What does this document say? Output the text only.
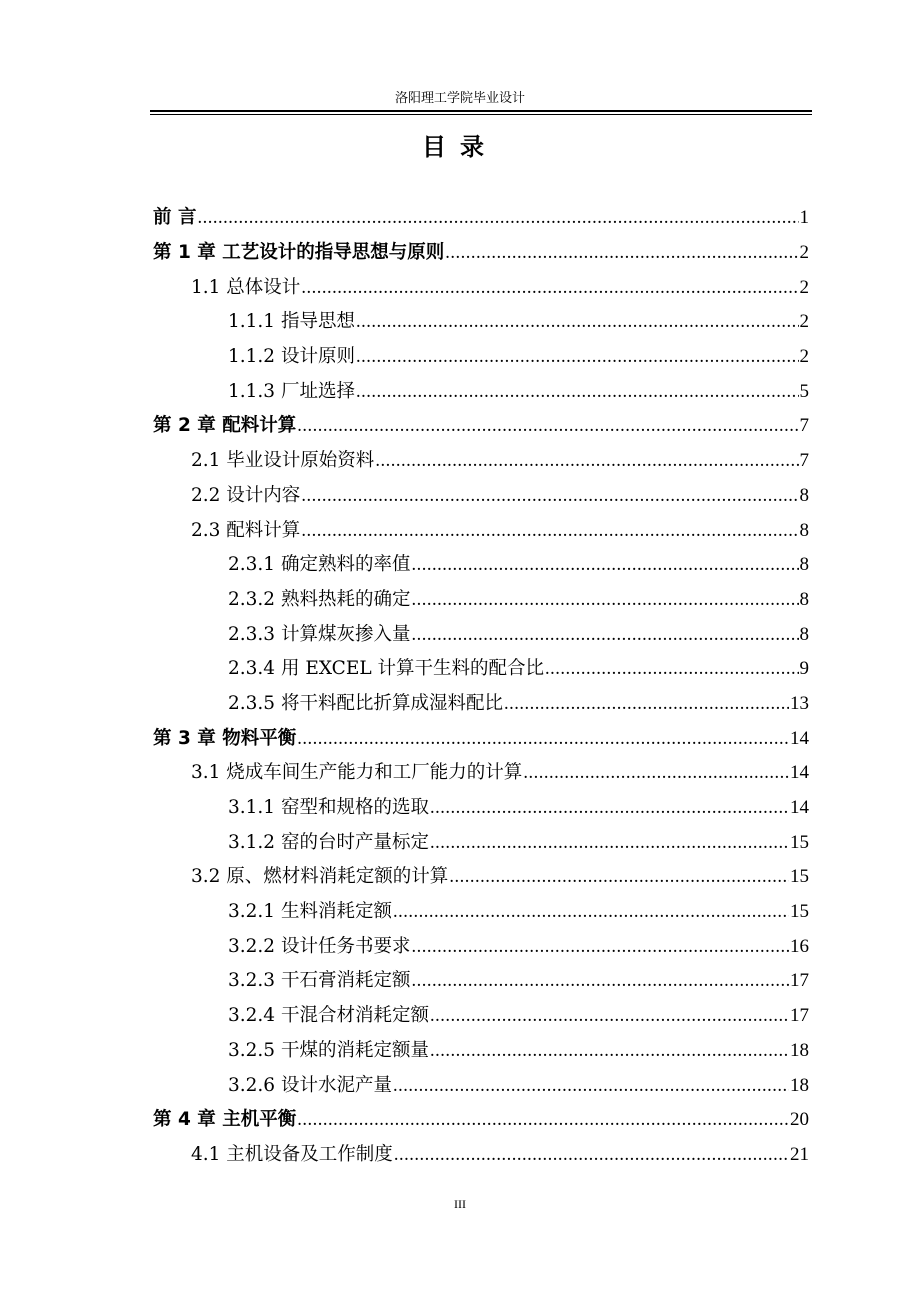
洛阳理工学院毕业设计
目录
前 言 .....	1
第 1 章 工艺设计的指导思想与原则 .....	2
1.1 总体设计 .....	2
1.1.1 指导思想 .....	2
1.1.2 设计原则 .....	2
1.1.3 厂址选择 .....	5
第 2 章 配料计算 .....	7
2.1 毕业设计原始资料 .....	7
2.2 设计内容 .....	8
2.3 配料计算 .....	8
2.3.1 确定熟料的率值 .....	8
2.3.2 熟料热耗的确定 .....	8
2.3.3 计算煤灰掺入量 .....	8
2.3.4 用 EXCEL 计算干生料的配合比 .....	9
2.3.5 将干料配比折算成湿料配比 .....	13
第 3 章 物料平衡 .....	14
3.1 烧成车间生产能力和工厂能力的计算 .....	14
3.1.1 窑型和规格的选取 .....	14
3.1.2 窑的台时产量标定 .....	15
3.2 原、燃材料消耗定额的计算 .....	15
3.2.1 生料消耗定额 .....	15
3.2.2 设计任务书要求 .....	16
3.2.3 干石膏消耗定额 .....	17
3.2.4 干混合材消耗定额 .....	17
3.2.5 干煤的消耗定额量 .....	18
3.2.6 设计水泥产量 .....	18
第 4 章 主机平衡 .....	20
4.1 主机设备及工作制度 .....	21
III
